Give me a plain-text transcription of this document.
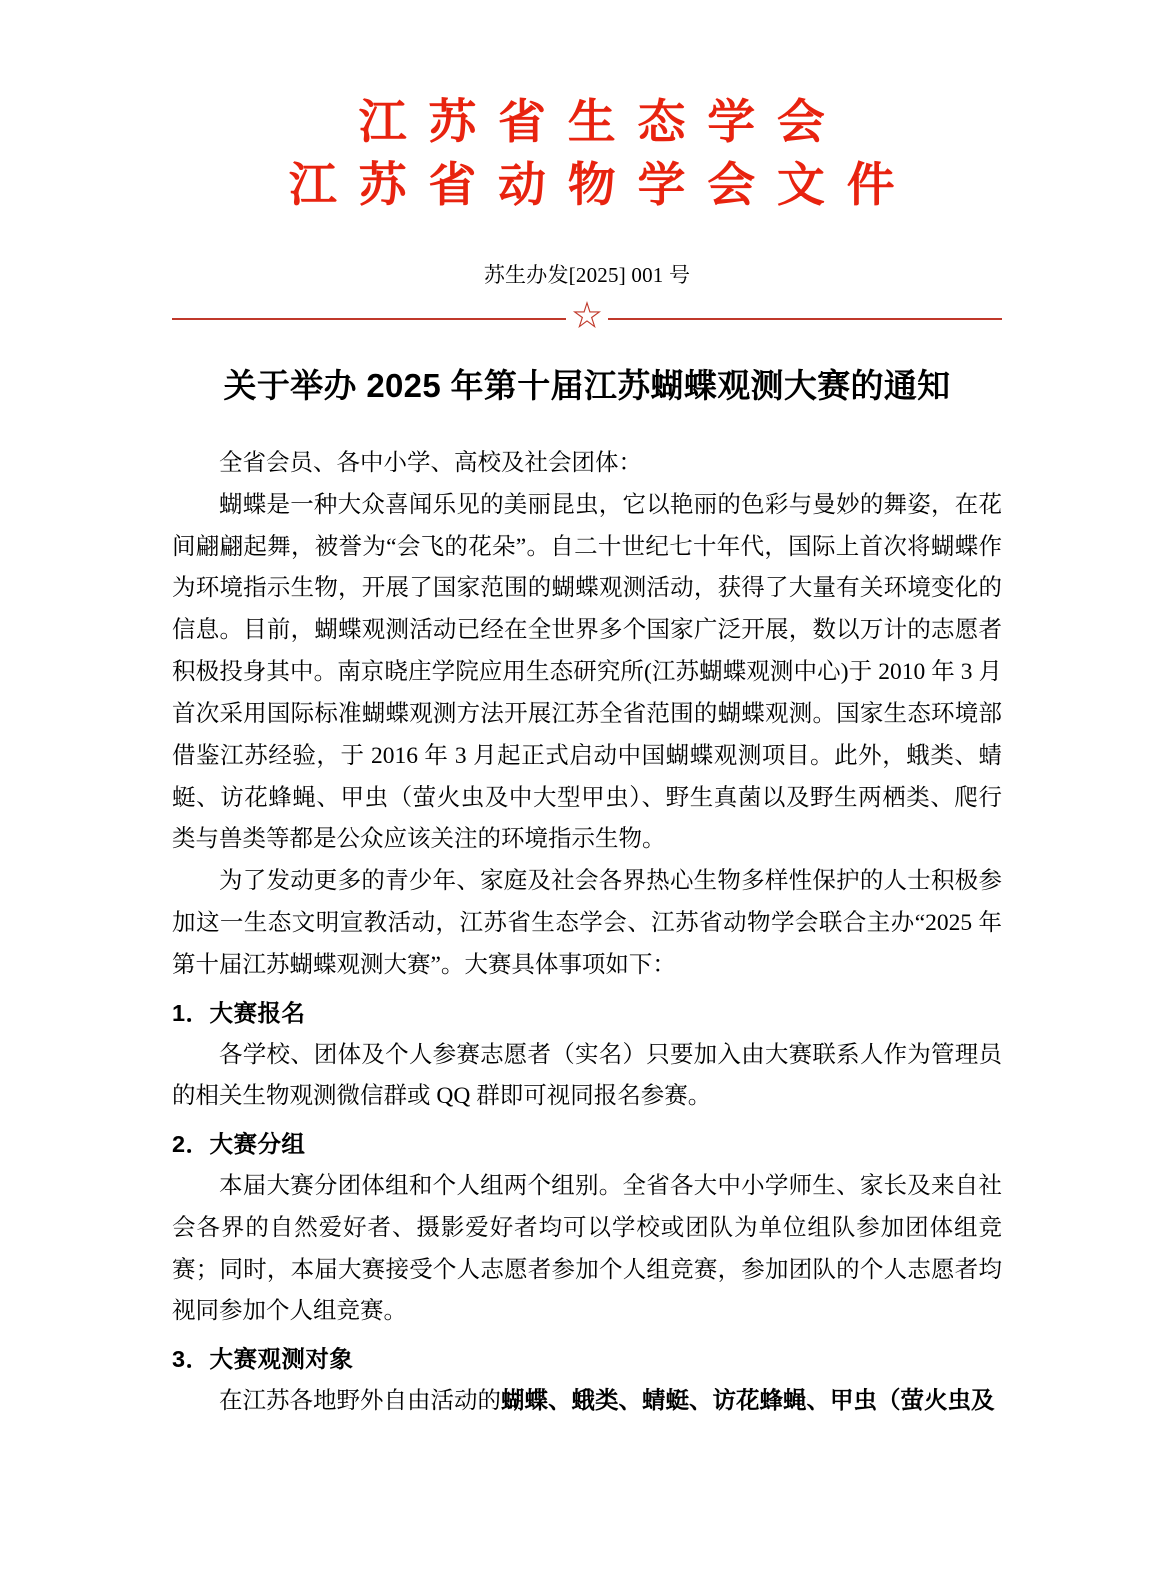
江 苏 省 生 态 学 会
江 苏 省 动 物 学 会 文 件
苏生办发[2025] 001 号
☆
关于举办 2025 年第十届江苏蝴蝶观测大赛的通知

全省会员、各中小学、高校及社会团体：

蝴蝶是一种大众喜闻乐见的美丽昆虫，它以艳丽的色彩与曼妙的舞姿，在花间翩翩起舞，被誉为“会飞的花朵”。自二十世纪七十年代，国际上首次将蝴蝶作为环境指示生物，开展了国家范围的蝴蝶观测活动，获得了大量有关环境变化的信息。目前，蝴蝶观测活动已经在全世界多个国家广泛开展，数以万计的志愿者积极投身其中。南京晓庄学院应用生态研究所(江苏蝴蝶观测中心)于 2010 年 3 月首次采用国际标准蝴蝶观测方法开展江苏全省范围的蝴蝶观测。国家生态环境部借鉴江苏经验，于 2016 年 3 月起正式启动中国蝴蝶观测项目。此外，蛾类、蜻蜓、访花蜂蝇、甲虫（萤火虫及中大型甲虫）、野生真菌以及野生两栖类、爬行类与兽类等都是公众应该关注的环境指示生物。

为了发动更多的青少年、家庭及社会各界热心生物多样性保护的人士积极参加这一生态文明宣教活动，江苏省生态学会、江苏省动物学会联合主办“2025 年第十届江苏蝴蝶观测大赛”。大赛具体事项如下：

1．大赛报名

各学校、团体及个人参赛志愿者（实名）只要加入由大赛联系人作为管理员的相关生物观测微信群或 QQ 群即可视同报名参赛。

2．大赛分组

本届大赛分团体组和个人组两个组别。全省各大中小学师生、家长及来自社会各界的自然爱好者、摄影爱好者均可以学校或团队为单位组队参加团体组竞赛；同时，本届大赛接受个人志愿者参加个人组竞赛，参加团队的个人志愿者均视同参加个人组竞赛。

3．大赛观测对象

在江苏各地野外自由活动的蝴蝶、蛾类、蜻蜓、访花蜂蝇、甲虫（萤火虫及
